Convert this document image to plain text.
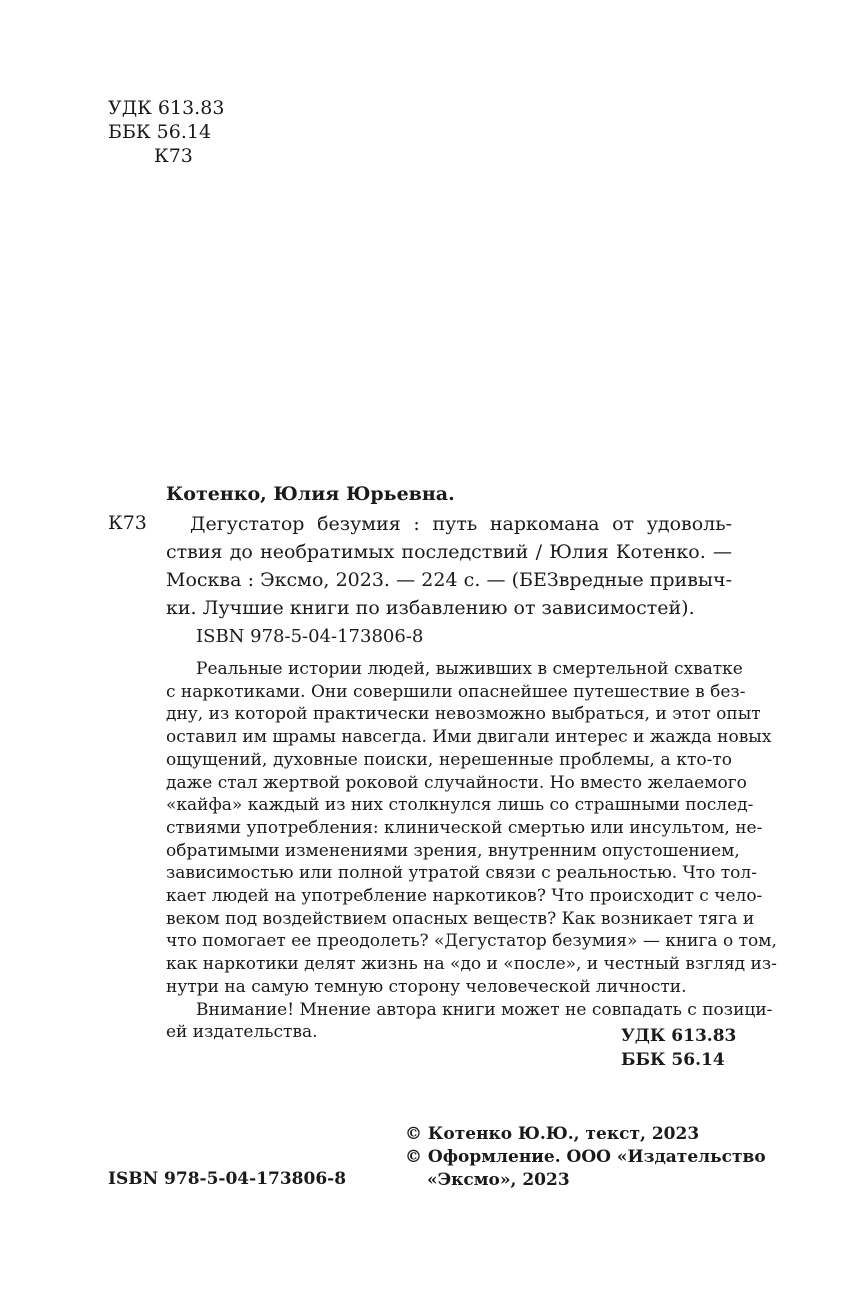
УДК 613.83
ББК 56.14
К73
Котенко, Юлия Юрьевна.
К73	Дегустатор безумия : путь наркомана от удоволь-
ствия до необратимых последствий / Юлия Котенко. —
Москва : Эксмо, 2023. — 224 с. — (БЕЗвредные привыч-
ки. Лучшие книги по избавлению от зависимостей).
ISBN 978-5-04-173806-8
Реальные истории людей, выживших в смертельной схватке
с наркотиками. Они совершили опаснейшее путешествие в без-
дну, из которой практически невозможно выбраться, и этот опыт
оставил им шрамы навсегда. Ими двигали интерес и жажда новых
ощущений, духовные поиски, нерешенные проблемы, а кто-то
даже стал жертвой роковой случайности. Но вместо желаемого
«кайфа» каждый из них столкнулся лишь со страшными послед-
ствиями употребления: клинической смертью или инсультом, не-
обратимыми изменениями зрения, внутренним опустошением,
зависимостью или полной утратой связи с реальностью. Что тол-
кает людей на употребление наркотиков? Что происходит с чело-
веком под воздействием опасных веществ? Как возникает тяга и
что помогает ее преодолеть? «Дегустатор безумия» — книга о том,
как наркотики делят жизнь на «до и «после», и честный взгляд из-
нутри на самую темную сторону человеческой личности.
Внимание! Мнение автора книги может не совпадать с позици-
ей издательства.	УДК 613.83
ББК 56.14
© Котенко Ю.Ю., текст, 2023
© Оформление. ООО «Издательство
«Эксмо», 2023
ISBN 978-5-04-173806-8
